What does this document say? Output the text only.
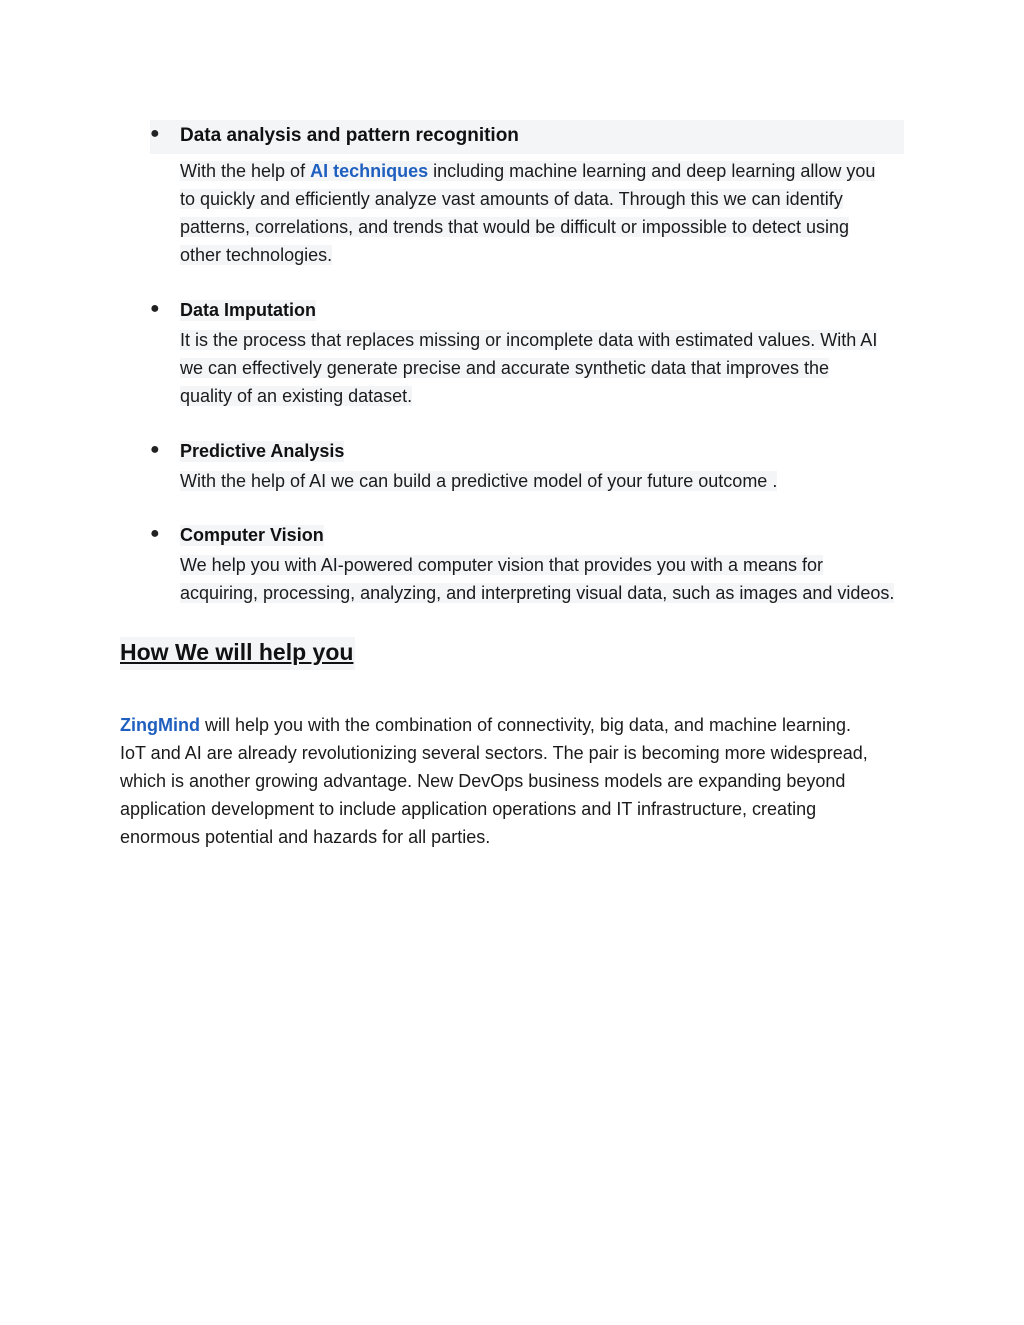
● Data analysis and pattern recognition
With the help of AI techniques including machine learning and deep learning allow you
to quickly and efficiently analyze vast amounts of data. Through this we can identify
patterns, correlations, and trends that would be difficult or impossible to detect using
other technologies.
● Data Imputation
It is the process that replaces missing or incomplete data with estimated values. With AI
we can effectively generate precise and accurate synthetic data that improves the
quality of an existing dataset.
● Predictive Analysis
With the help of AI we can build a predictive model of your future outcome .
● Computer Vision
We help you with AI-powered computer vision that provides you with a means for
acquiring, processing, analyzing, and interpreting visual data, such as images and videos.
How We will help you
ZingMind will help you with the combination of connectivity, big data, and machine learning.
IoT and AI are already revolutionizing several sectors. The pair is becoming more widespread,
which is another growing advantage. New DevOps business models are expanding beyond
application development to include application operations and IT infrastructure, creating
enormous potential and hazards for all parties.
